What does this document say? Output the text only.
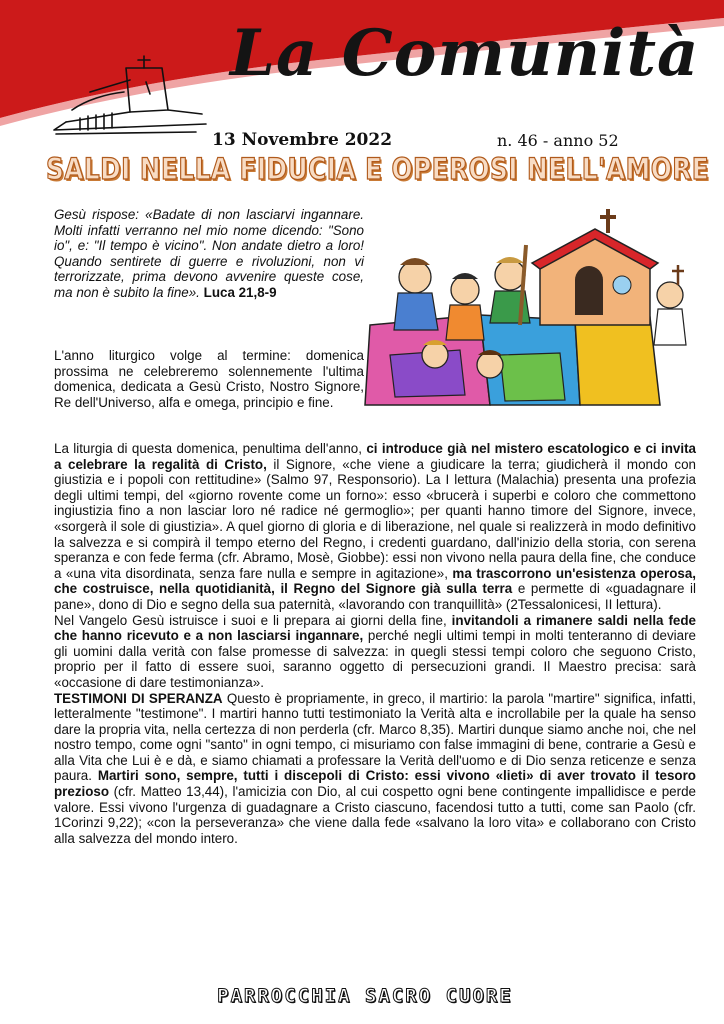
La Comunità
13 Novembre 2022	n. 46 - anno 52
SALDI NELLA FIDUCIA E OPEROSI NELL'AMORE
Gesù rispose: «Badate di non lasciarvi ingannare. Molti infatti verranno nel mio nome dicendo: "Sono io", e: "Il tempo è vicino". Non andate dietro a loro! Quando sentirete di guerre e rivoluzioni, non vi terrorizzate, prima devono avvenire queste cose, ma non è subito la fine». Luca 21,8-9
L'anno liturgico volge al termine: domenica prossima ne celebreremo solennemente l'ultima domenica, dedicata a Gesù Cristo, Nostro Signore, Re dell'Universo, alfa e omega, principio e fine.

La liturgia di questa domenica, penultima dell'anno, ci introduce già nel mistero escatologico e ci invita a celebrare la regalità di Cristo, il Signore, «che viene a giudicare la terra; giudicherà il mondo con giustizia e i popoli con rettitudine» (Salmo 97, Responsorio). La I lettura (Malachia) presenta una profezia degli ultimi tempi, del «giorno rovente come un forno»: esso «brucerà i superbi e coloro che commettono ingiustizia fino a non lasciar loro né radice né germoglio»; per quanti hanno timore del Signore, invece, «sorgerà il sole di giustizia». A quel giorno di gloria e di liberazione, nel quale si realizzerà in modo definitivo la salvezza e si compirà il tempo eterno del Regno, i credenti guardano, dall'inizio della storia, con serena speranza e con fede ferma (cfr. Abramo, Mosè, Giobbe): essi non vivono nella paura della fine, che conduce a «una vita disordinata, senza fare nulla e sempre in agitazione», ma trascorrono un'esistenza operosa, che costruisce, nella quotidianità, il Regno del Signore già sulla terra e permette di «guadagnare il pane», dono di Dio e segno della sua paternità, «lavorando con tranquillità» (2Tessalonicesi, II lettura).

Nel Vangelo Gesù istruisce i suoi e li prepara ai giorni della fine, invitandoli a rimanere saldi nella fede che hanno ricevuto e a non lasciarsi ingannare, perché negli ultimi tempi in molti tenteranno di deviare gli uomini dalla verità con false promesse di salvezza: in quegli stessi tempi coloro che seguono Cristo, proprio per il fatto di essere suoi, saranno oggetto di persecuzioni grandi. Il Maestro precisa: sarà «occasione di dare testimonianza».

TESTIMONI DI SPERANZA Questo è propriamente, in greco, il martirio: la parola "martire" significa, infatti, letteralmente "testimone". I martiri hanno tutti testimoniato la Verità alta e incrollabile per la quale ha senso dare la propria vita, nella certezza di non perderla (cfr. Marco 8,35). Martiri dunque siamo anche noi, che nel nostro tempo, come ogni "santo" in ogni tempo, ci misuriamo con false immagini di bene, contrarie a Gesù e alla Vita che Lui è e dà, e siamo chiamati a professare la Verità dell'uomo e di Dio senza reticenze e senza paura. Martiri sono, sempre, tutti i discepoli di Cristo: essi vivono «lieti» di aver trovato il tesoro prezioso (cfr. Matteo 13,44), l'amicizia con Dio, al cui cospetto ogni bene contingente impallidisce e perde valore. Essi vivono l'urgenza di guadagnare a Cristo ciascuno, facendosi tutto a tutti, come san Paolo (cfr. 1Corinzi 9,22); «con la perseveranza» che viene dalla fede «salvano la loro vita» e collaborano con Cristo alla salvezza del mondo intero.

PARROCCHIA SACRO CUORE
